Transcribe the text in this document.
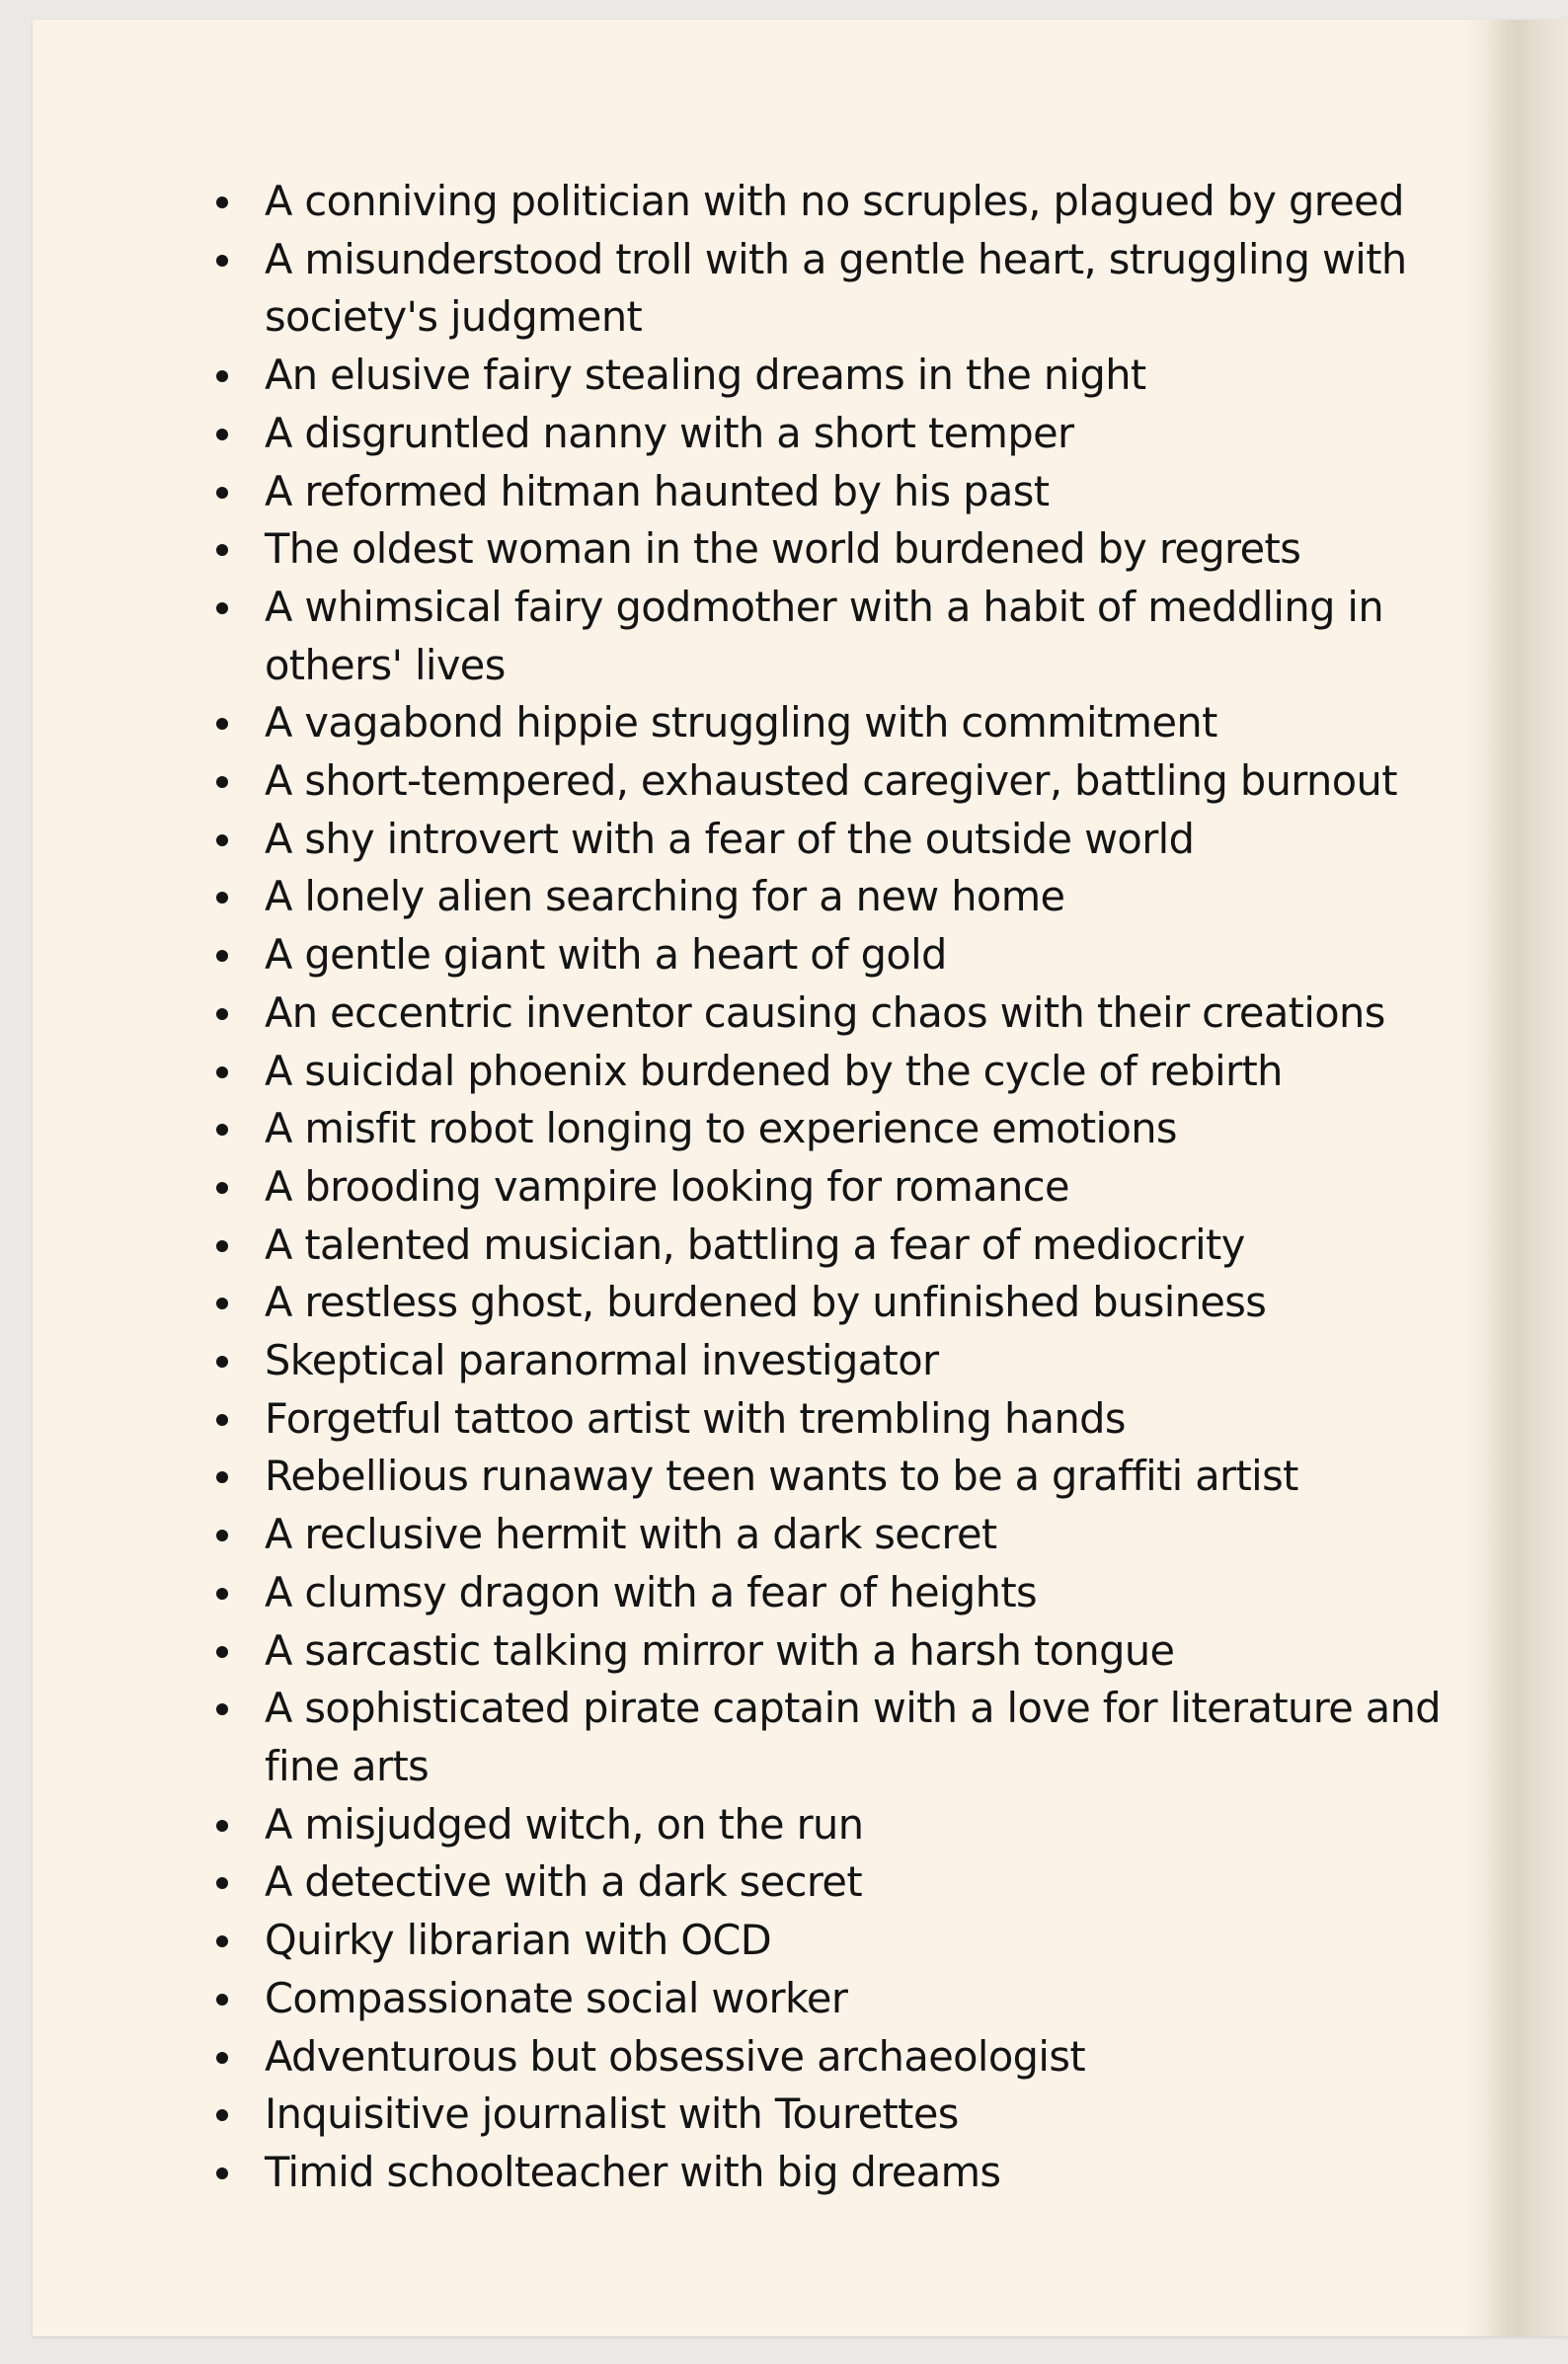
A conniving politician with no scruples, plagued by greed
A misunderstood troll with a gentle heart, struggling with society's judgment
An elusive fairy stealing dreams in the night
A disgruntled nanny with a short temper
A reformed hitman haunted by his past
The oldest woman in the world burdened by regrets
A whimsical fairy godmother with a habit of meddling in others' lives
A vagabond hippie struggling with commitment
A short-tempered, exhausted caregiver, battling burnout
A shy introvert with a fear of the outside world
A lonely alien searching for a new home
A gentle giant with a heart of gold
An eccentric inventor causing chaos with their creations
A suicidal phoenix burdened by the cycle of rebirth
A misfit robot longing to experience emotions
A brooding vampire looking for romance
A talented musician, battling a fear of mediocrity
A restless ghost, burdened by unfinished business
Skeptical paranormal investigator
Forgetful tattoo artist with trembling hands
Rebellious runaway teen wants to be a graffiti artist
A reclusive hermit with a dark secret
A clumsy dragon with a fear of heights
A sarcastic talking mirror with a harsh tongue
A sophisticated pirate captain with a love for literature and fine arts
A misjudged witch, on the run
A detective with a dark secret
Quirky librarian with OCD
Compassionate social worker
Adventurous but obsessive archaeologist
Inquisitive journalist with Tourettes
Timid schoolteacher with big dreams
